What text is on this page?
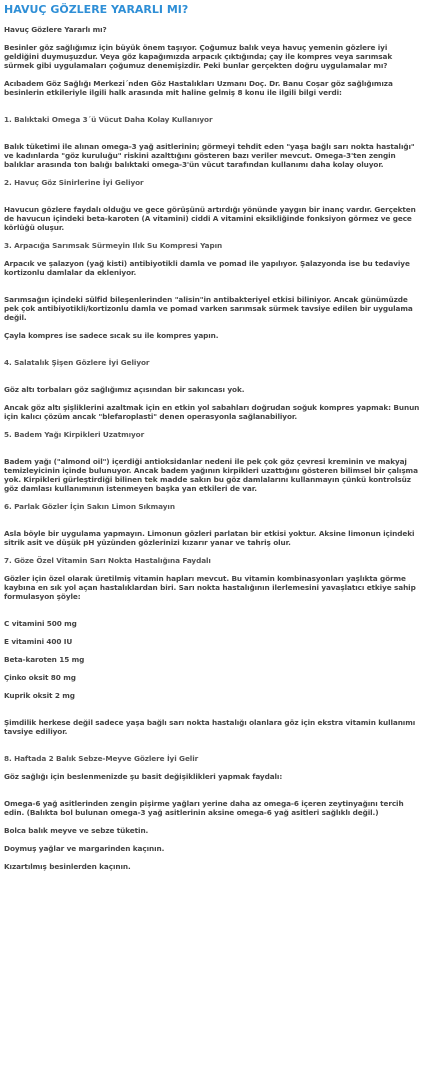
HAVUÇ GÖZLERE YARARLI MI?
Havuç Gözlere Yararlı mı?
Besinler göz sağlığımız için büyük önem taşıyor. Çoğumuz balık veya havuç yemenin gözlere iyi geldiğini duymuşuzdur. Veya göz kapağımızda arpacık çıktığında; çay ile kompres veya sarımsak sürmek gibi uygulamaları çoğumuz denemişizdir. Peki bunlar gerçekten doğru uygulamalar mı?
Acıbadem Göz Sağlığı Merkezi´nden Göz Hastalıkları Uzmanı Doç. Dr. Banu Coşar göz sağlığımıza besinlerin etkileriyle ilgili halk arasında mit haline gelmiş 8 konu ile ilgili bilgi verdi:
1. Balıktaki Omega 3´ü Vücut Daha Kolay Kullanıyor
Balık tüketimi ile alınan omega-3 yağ asitlerinin; görmeyi tehdit eden "yaşa bağlı sarı nokta hastalığı" ve kadınlarda "göz kuruluğu" riskini azalttığını gösteren bazı veriler mevcut. Omega-3'ten zengin balıklar arasında ton balığı balıktaki omega-3'ün vücut tarafından kullanımı daha kolay oluyor.
2. Havuç Göz Sinirlerine İyi Geliyor
Havucun gözlere faydalı olduğu ve gece görüşünü artırdığı yönünde yaygın bir inanç vardır. Gerçekten de havucun içindeki beta-karoten (A vitamini) ciddi A vitamini eksikliğinde fonksiyon görmez ve gece körlüğü oluşur.
3. Arpacığa Sarımsak Sürmeyin Ilık Su Kompresi Yapın
Arpacık ve şalazyon (yağ kisti) antibiyotikli damla ve pomad ile yapılıyor. Şalazyonda ise bu tedaviye kortizonlu damlalar da ekleniyor.
Sarımsağın içindeki sülfid bileşenlerinden "alisin"in antibakteriyel etkisi biliniyor. Ancak günümüzde pek çok antibiyotikli/kortizonlu damla ve pomad varken sarımsak sürmek tavsiye edilen bir uygulama değil.
Çayla kompres ise sadece sıcak su ile kompres yapın.
4. Salatalık Şişen Gözlere İyi Geliyor
Göz altı torbaları göz sağlığımız açısından bir sakıncası yok.
Ancak göz altı şişliklerini azaltmak için en etkin yol sabahları doğrudan soğuk kompres yapmak: Bunun için kalıcı çözüm ancak "blefaroplasti" denen operasyonla sağlanabiliyor.
5. Badem Yağı Kirpikleri Uzatmıyor
Badem yağı ("almond oil") içerdiği antioksidanlar nedeni ile pek çok göz çevresi kreminin ve makyaj temizleyicinin içinde bulunuyor. Ancak badem yağının kirpikleri uzattığını gösteren bilimsel bir çalışma yok. Kirpikleri gürleştirdiği bilinen tek madde sakın bu göz damlalarını kullanmayın çünkü kontrolsüz göz damlası kullanımının istenmeyen başka yan etkileri de var.
6. Parlak Gözler İçin Sakın Limon Sıkmayın
Asla böyle bir uygulama yapmayın. Limonun gözleri parlatan bir etkisi yoktur. Aksine limonun içindeki sitrik asit ve düşük pH yüzünden gözlerinizi kızarır yanar ve tahriş olur.
7. Göze Özel Vitamin Sarı Nokta Hastalığına Faydalı
Gözler için özel olarak üretilmiş vitamin hapları mevcut. Bu vitamin kombinasyonları yaşlıkta görme kaybına en sık yol açan hastalıklardan biri. Sarı nokta hastalığının ilerlemesini yavaşlatıcı etkiye sahip formulasyon şöyle:
C vitamini 500 mg
E vitamini 400 IU
Beta-karoten 15 mg
Çinko oksit 80 mg
Kuprik oksit 2 mg
Şimdilik herkese değil sadece yaşa bağlı sarı nokta hastalığı olanlara göz için ekstra vitamin kullanımı tavsiye ediliyor.
8. Haftada 2 Balık Sebze-Meyve Gözlere İyi Gelir
Göz sağlığı için beslenmenizde şu basit değişiklikleri yapmak faydalı:
Omega-6 yağ asitlerinden zengin pişirme yağları yerine daha az omega-6 içeren zeytinyağını tercih edin. (Balıkta bol bulunan omega-3 yağ asitlerinin aksine omega-6 yağ asitleri sağlıklı değil.)
Bolca balık meyve ve sebze tüketin.
Doymuş yağlar ve margarinden kaçının.
Kızartılmış besinlerden kaçının.
